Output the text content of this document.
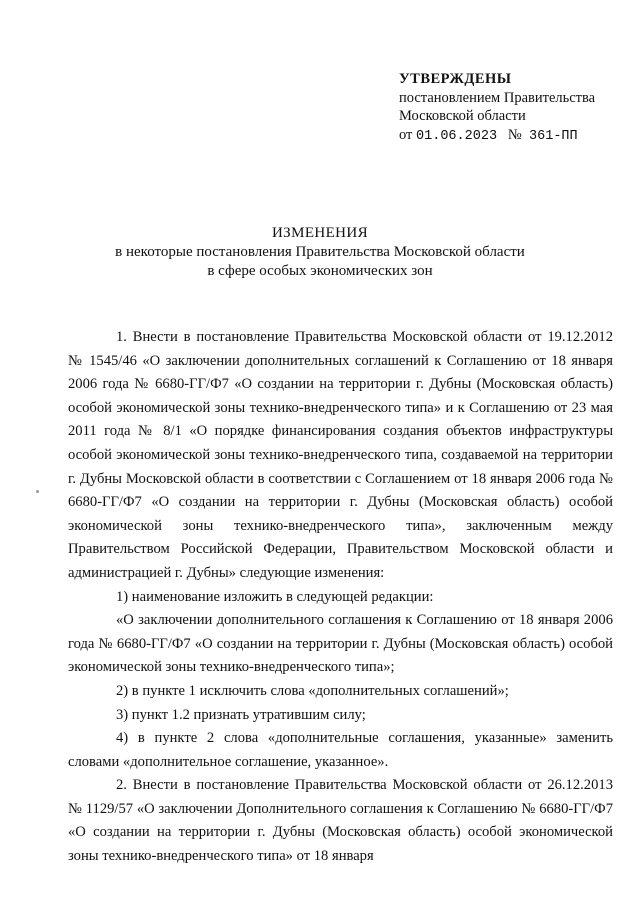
УТВЕРЖДЕНЫ
постановлением Правительства
Московской области
от 01.06.2023 № 361-ПП
ИЗМЕНЕНИЯ
в некоторые постановления Правительства Московской области
в сфере особых экономических зон

1. Внести в постановление Правительства Московской области от 19.12.2012 № 1545/46 «О заключении дополнительных соглашений к Соглашению от 18 января 2006 года № 6680-ГГ/Ф7 «О создании на территории г. Дубны (Московская область) особой экономической зоны технико-внедренческого типа» и к Соглашению от 23 мая 2011 года № 8/1 «О порядке финансирования создания объектов инфраструктуры особой экономической зоны технико-внедренческого типа, создаваемой на территории г. Дубны Московской области в соответствии с Соглашением от 18 января 2006 года № 6680-ГГ/Ф7 «О создании на территории г. Дубны (Московская область) особой экономической зоны технико-внедренческого типа», заключенным между Правительством Российской Федерации, Правительством Московской области и администрацией г. Дубны» следующие изменения:

1) наименование изложить в следующей редакции:

«О заключении дополнительного соглашения к Соглашению от 18 января 2006 года № 6680-ГГ/Ф7 «О создании на территории г. Дубны (Московская область) особой экономической зоны технико-внедренческого типа»;

2) в пункте 1 исключить слова «дополнительных соглашений»;

3) пункт 1.2 признать утратившим силу;

4) в пункте 2 слова «дополнительные соглашения, указанные» заменить словами «дополнительное соглашение, указанное».

2. Внести в постановление Правительства Московской области от 26.12.2013 № 1129/57 «О заключении Дополнительного соглашения к Соглашению № 6680-ГГ/Ф7 «О создании на территории г. Дубны (Московская область) особой экономической зоны технико-внедренческого типа» от 18 января
